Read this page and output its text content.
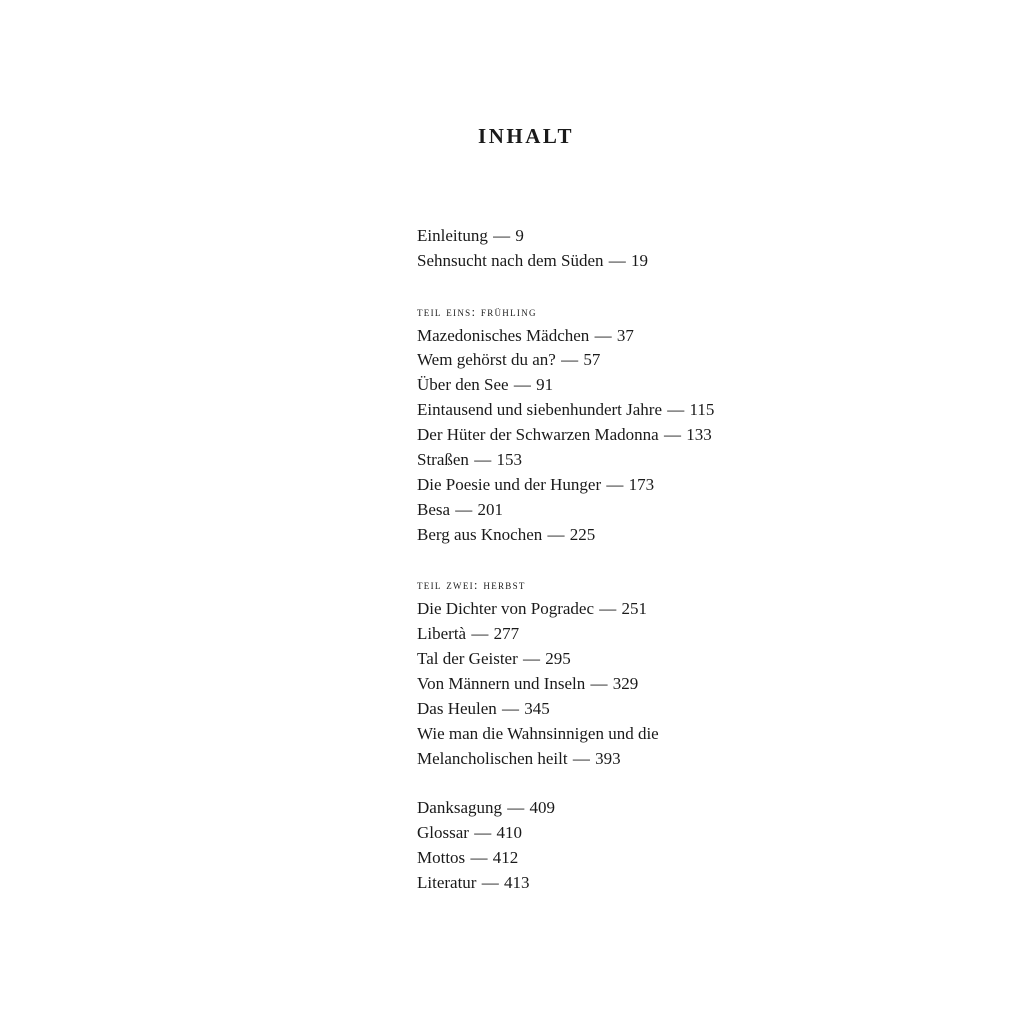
INHALT
Einleitung — 9
Sehnsucht nach dem Süden — 19
teil eins: frühling
Mazedonisches Mädchen — 37
Wem gehörst du an? — 57
Über den See — 91
Eintausend und siebenhundert Jahre — 115
Der Hüter der Schwarzen Madonna — 133
Straßen — 153
Die Poesie und der Hunger — 173
Besa — 201
Berg aus Knochen — 225
teil zwei: herbst
Die Dichter von Pogradec — 251
Libertà — 277
Tal der Geister — 295
Von Männern und Inseln — 329
Das Heulen — 345
Wie man die Wahnsinnigen und die
Melancholischen heilt — 393
Danksagung — 409
Glossar — 410
Mottos — 412
Literatur — 413
